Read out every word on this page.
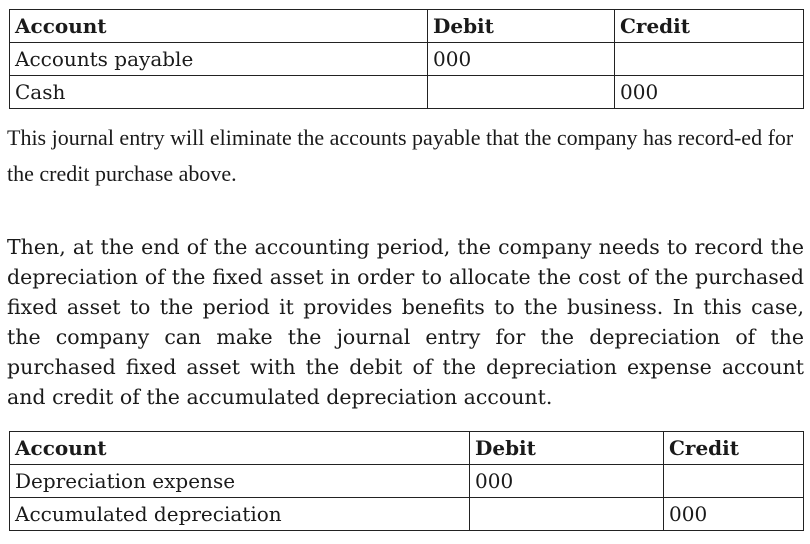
Account	Debit	Credit
Accounts payable	000	
Cash		000

This journal entry will eliminate the accounts payable that the company has record-ed for the credit purchase above.

Then, at the end of the accounting period, the company needs to record the depreciation of the fixed asset in order to allocate the cost of the purchased fixed asset to the period it provides benefits to the business. In this case, the company can make the journal entry for the depreciation of the purchased fixed asset with the debit of the depreciation expense account and credit of the accumulated depreciation account.

Account	Debit	Credit
Depreciation expense	000	
Accumulated depreciation		000
